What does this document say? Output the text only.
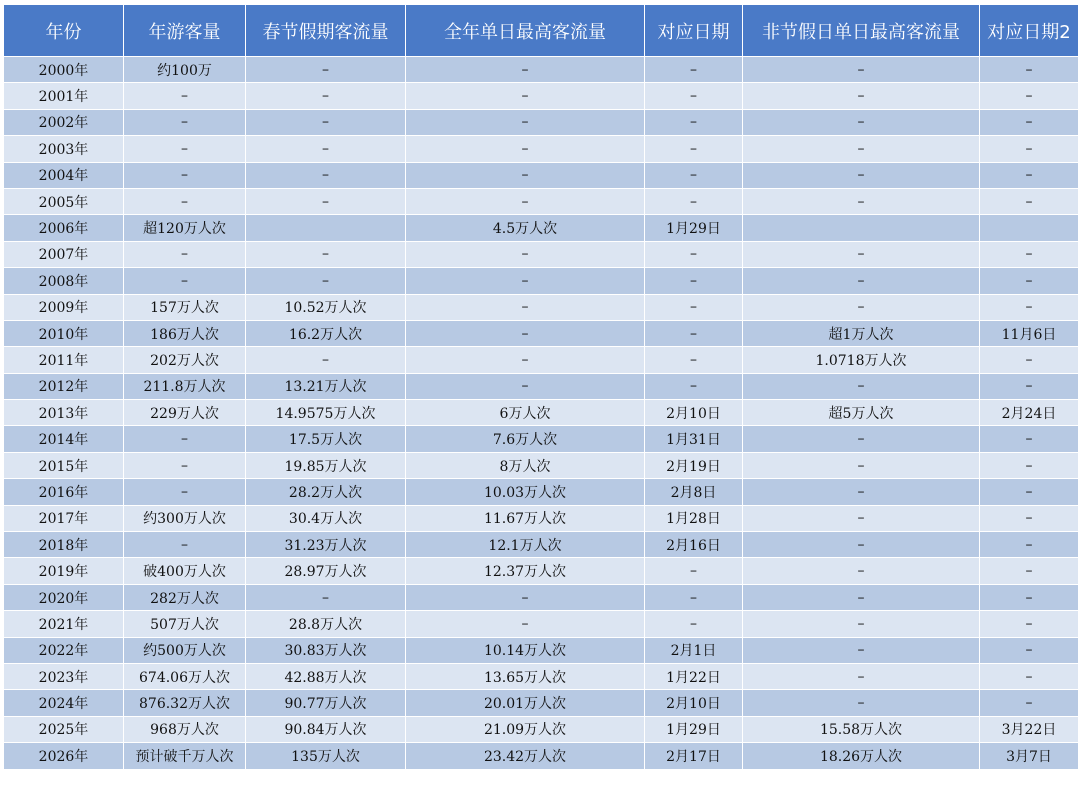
年份	年游客量	春节假期客流量	全年单日最高客流量	对应日期	非节假日单日最高客流量	对应日期2
2000年	约100万	–	–	–	–	–
2001年	–	–	–	–	–	–
2002年	–	–	–	–	–	–
2003年	–	–	–	–	–	–
2004年	–	–	–	–	–	–
2005年	–	–	–	–	–	–
2006年	超120万人次		4.5万人次	1月29日		
2007年	–	–	–	–	–	–
2008年	–	–	–	–	–	–
2009年	157万人次	10.52万人次	–	–	–	–
2010年	186万人次	16.2万人次	–	–	超1万人次	11月6日
2011年	202万人次	–	–	–	1.0718万人次	–
2012年	211.8万人次	13.21万人次	–	–	–	–
2013年	229万人次	14.9575万人次	6万人次	2月10日	超5万人次	2月24日
2014年	–	17.5万人次	7.6万人次	1月31日	–	–
2015年	–	19.85万人次	8万人次	2月19日	–	–
2016年	–	28.2万人次	10.03万人次	2月8日	–	–
2017年	约300万人次	30.4万人次	11.67万人次	1月28日	–	–
2018年	–	31.23万人次	12.1万人次	2月16日	–	–
2019年	破400万人次	28.97万人次	12.37万人次	–	–	–
2020年	282万人次	–	–	–	–	–
2021年	507万人次	28.8万人次	–	–	–	–
2022年	约500万人次	30.83万人次	10.14万人次	2月1日	–	–
2023年	674.06万人次	42.88万人次	13.65万人次	1月22日	–	–
2024年	876.32万人次	90.77万人次	20.01万人次	2月10日	–	–
2025年	968万人次	90.84万人次	21.09万人次	1月29日	15.58万人次	3月22日
2026年	预计破千万人次	135万人次	23.42万人次	2月17日	18.26万人次	3月7日
